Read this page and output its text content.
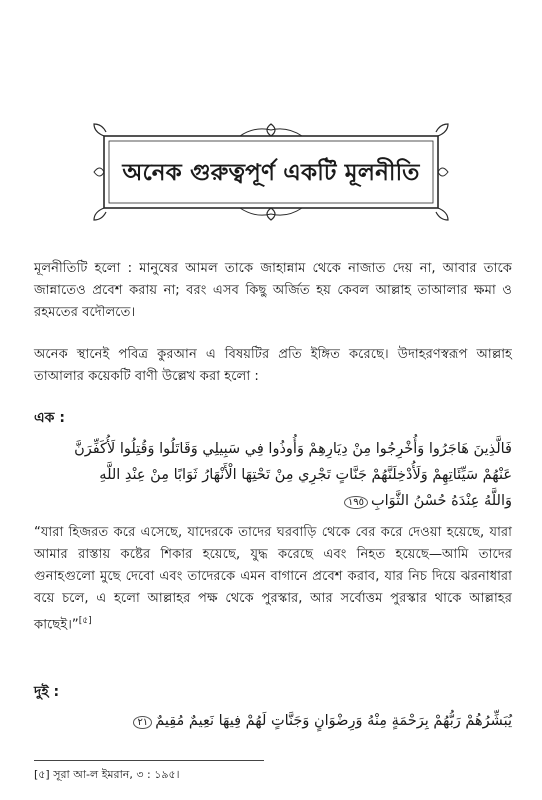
অনেক গুরুত্বপূর্ণ একটি মূলনীতি
মূলনীতিটি হলো : মানুষের আমল তাকে জাহান্নাম থেকে নাজাত দেয় না, আবার তাকে জান্নাতেও প্রবেশ করায় না; বরং এসব কিছু অর্জিত হয় কেবল আল্লাহ তাআলার ক্ষমা ও রহমতের বদৌলতে।
অনেক স্থানেই পবিত্র কুরআন এ বিষয়টির প্রতি ইঙ্গিত করেছে। উদাহরণস্বরূপ আল্লাহ তাআলার কয়েকটি বাণী উল্লেখ করা হলো :
এক :
فَالَّذِينَ هَاجَرُوا وَأُخْرِجُوا مِنْ دِيَارِهِمْ وَأُوذُوا فِي سَبِيلِي وَقَاتَلُوا وَقُتِلُوا لَأُكَفِّرَنَّ
عَنْهُمْ سَيِّئَاتِهِمْ وَلَأُدْخِلَنَّهُمْ جَنَّاتٍ تَجْرِي مِنْ تَحْتِهَا الْأَنْهَارُ ثَوَابًا مِنْ عِنْدِ اللَّهِ
وَاللَّهُ عِنْدَهُ حُسْنُ الثَّوَابِ١٩٥
“যারা হিজরত করে এসেছে, যাদেরকে তাদের ঘরবাড়ি থেকে বের করে দেওয়া হয়েছে, যারা আমার রাস্তায় কষ্টের শিকার হয়েছে, যুদ্ধ করেছে এবং নিহত হয়েছে—আমি তাদের গুনাহগুলো মুছে দেবো এবং তাদেরকে এমন বাগানে প্রবেশ করাব, যার নিচ দিয়ে ঝরনাধারা বয়ে চলে, এ হলো আল্লাহর পক্ষ থেকে পুরস্কার, আর সর্বোত্তম পুরস্কার থাকে আল্লাহর কাছেই।”[৫]
দুই :
يُبَشِّرُهُمْ رَبُّهُمْ بِرَحْمَةٍ مِنْهُ وَرِضْوَانٍ وَجَنَّاتٍ لَهُمْ فِيهَا نَعِيمٌ مُقِيمٌ٢١
[৫] সূরা আ-ল ইমরান, ৩ : ১৯৫।
